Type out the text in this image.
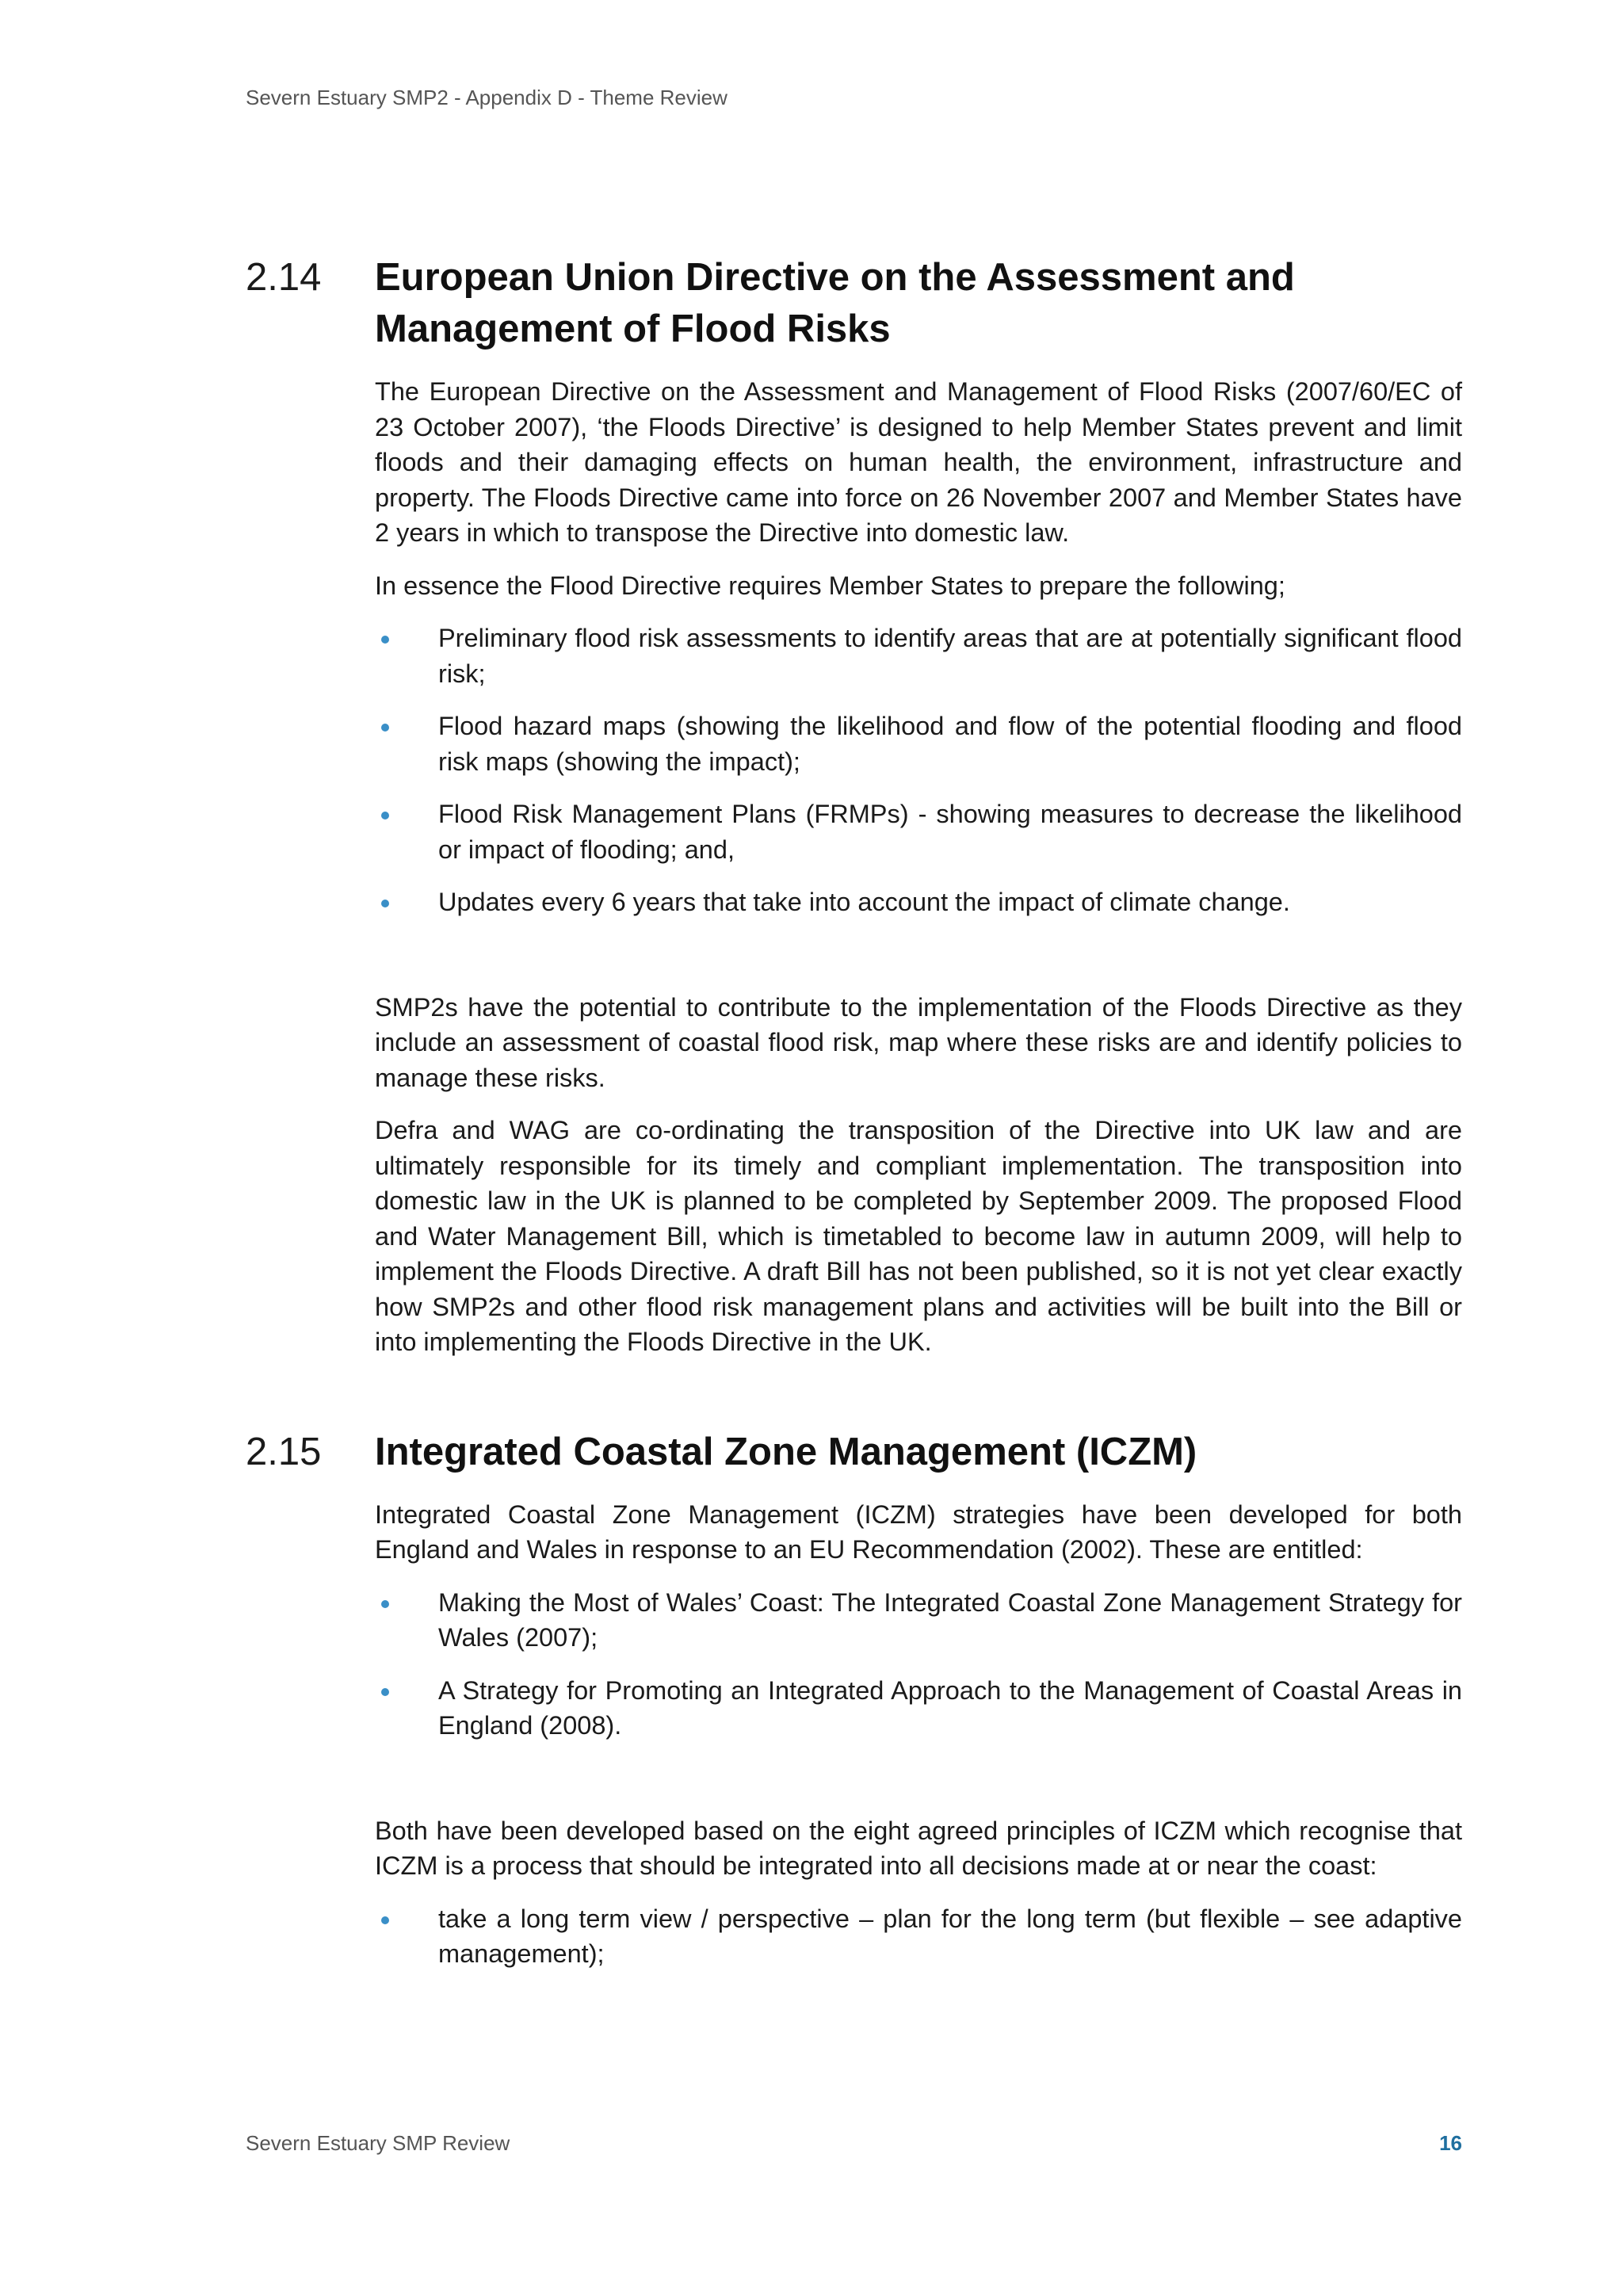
Severn Estuary SMP2 - Appendix D - Theme Review

2.14	European Union Directive on the Assessment and Management of Flood Risks

The European Directive on the Assessment and Management of Flood Risks (2007/60/EC of 23 October 2007), ‘the Floods Directive’ is designed to help Member States prevent and limit floods and their damaging effects on human health, the environment, infrastructure and property. The Floods Directive came into force on 26 November 2007 and Member States have 2 years in which to transpose the Directive into domestic law.

In essence the Flood Directive requires Member States to prepare the following;

Preliminary flood risk assessments to identify areas that are at potentially significant flood risk;
Flood hazard maps (showing the likelihood and flow of the potential flooding and flood risk maps (showing the impact);
Flood Risk Management Plans (FRMPs) - showing measures to decrease the likelihood or impact of flooding; and,
Updates every 6 years that take into account the impact of climate change.

SMP2s have the potential to contribute to the implementation of the Floods Directive as they include an assessment of coastal flood risk, map where these risks are and identify policies to manage these risks.

Defra and WAG are co-ordinating the transposition of the Directive into UK law and are ultimately responsible for its timely and compliant implementation. The transposition into domestic law in the UK is planned to be completed by September 2009. The proposed Flood and Water Management Bill, which is timetabled to become law in autumn 2009, will help to implement the Floods Directive. A draft Bill has not been published, so it is not yet clear exactly how SMP2s and other flood risk management plans and activities will be built into the Bill or into implementing the Floods Directive in the UK.

2.15	Integrated Coastal Zone Management (ICZM)

Integrated Coastal Zone Management (ICZM) strategies have been developed for both England and Wales in response to an EU Recommendation (2002). These are entitled:

Making the Most of Wales’ Coast: The Integrated Coastal Zone Management Strategy for Wales (2007);
A Strategy for Promoting an Integrated Approach to the Management of Coastal Areas in England (2008).

Both have been developed based on the eight agreed principles of ICZM which recognise that ICZM is a process that should be integrated into all decisions made at or near the coast:

take a long term view / perspective – plan for the long term (but flexible – see adaptive management);
Severn Estuary SMP Review	16
